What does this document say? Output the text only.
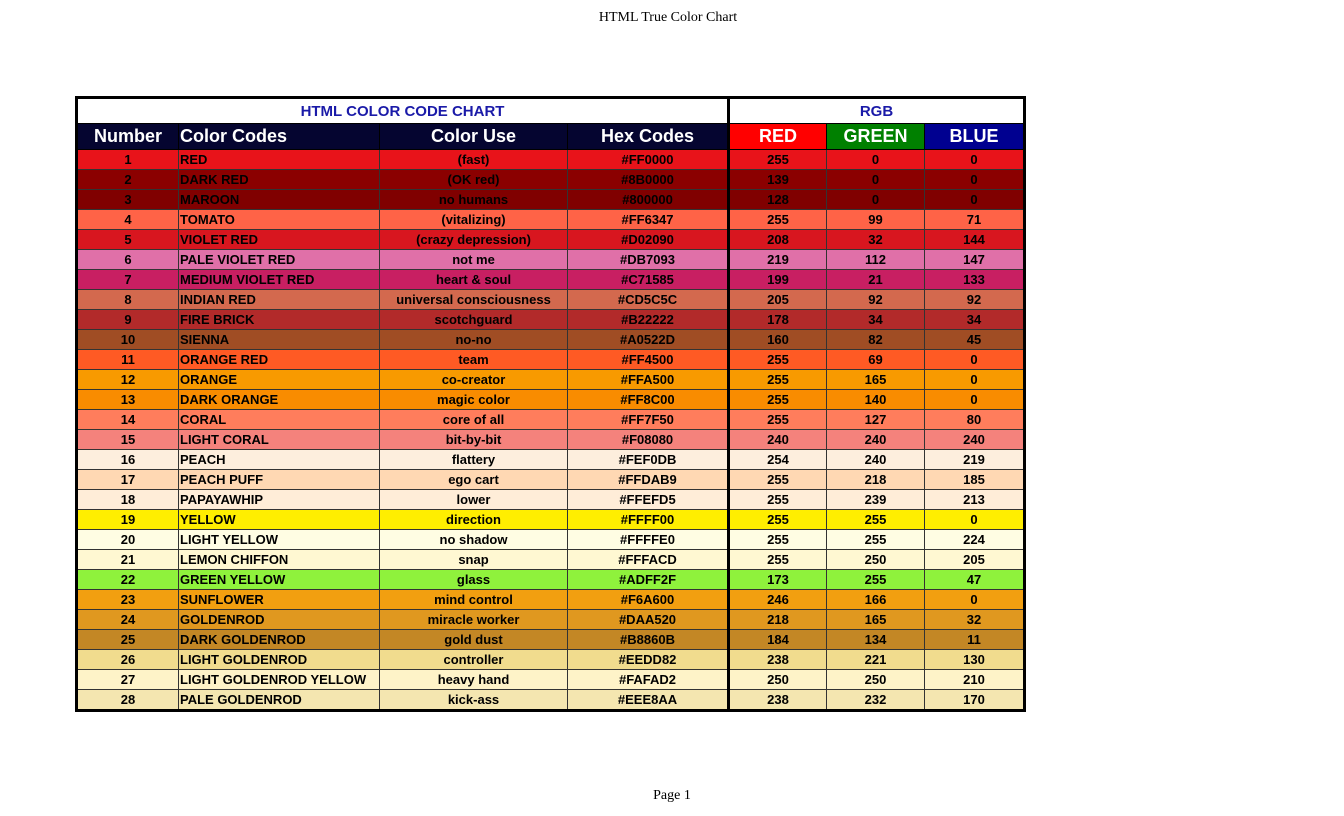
HTML True Color Chart
HTML COLOR CODE CHART				RGB		
Number	Color Codes	Color Use	Hex Codes	RED	GREEN	BLUE
1	RED	(fast)	#FF0000	255	0	0
2	DARK RED	(OK red)	#8B0000	139	0	0
3	MAROON	no humans	#800000	128	0	0
4	TOMATO	(vitalizing)	#FF6347	255	99	71
5	VIOLET RED	(crazy depression)	#D02090	208	32	144
6	PALE VIOLET RED	not me	#DB7093	219	112	147
7	MEDIUM VIOLET RED	heart & soul	#C71585	199	21	133
8	INDIAN RED	universal consciousness	#CD5C5C	205	92	92
9	FIRE BRICK	scotchguard	#B22222	178	34	34
10	SIENNA	no-no	#A0522D	160	82	45
11	ORANGE RED	team	#FF4500	255	69	0
12	ORANGE	co-creator	#FFA500	255	165	0
13	DARK ORANGE	magic color	#FF8C00	255	140	0
14	CORAL	core of all	#FF7F50	255	127	80
15	LIGHT CORAL	bit-by-bit	#F08080	240	240	240
16	PEACH	flattery	#FEF0DB	254	240	219
17	PEACH PUFF	ego cart	#FFDAB9	255	218	185
18	PAPAYAWHIP	lower	#FFEFD5	255	239	213
19	YELLOW	direction	#FFFF00	255	255	0
20	LIGHT YELLOW	no shadow	#FFFFE0	255	255	224
21	LEMON CHIFFON	snap	#FFFACD	255	250	205
22	GREEN YELLOW	glass	#ADFF2F	173	255	47
23	SUNFLOWER	mind control	#F6A600	246	166	0
24	GOLDENROD	miracle worker	#DAA520	218	165	32
25	DARK GOLDENROD	gold dust	#B8860B	184	134	11
26	LIGHT GOLDENROD	controller	#EEDD82	238	221	130
27	LIGHT GOLDENROD YELLOW	heavy hand	#FAFAD2	250	250	210
28	PALE GOLDENROD	kick-ass	#EEE8AA	238	232	170
Page 1
